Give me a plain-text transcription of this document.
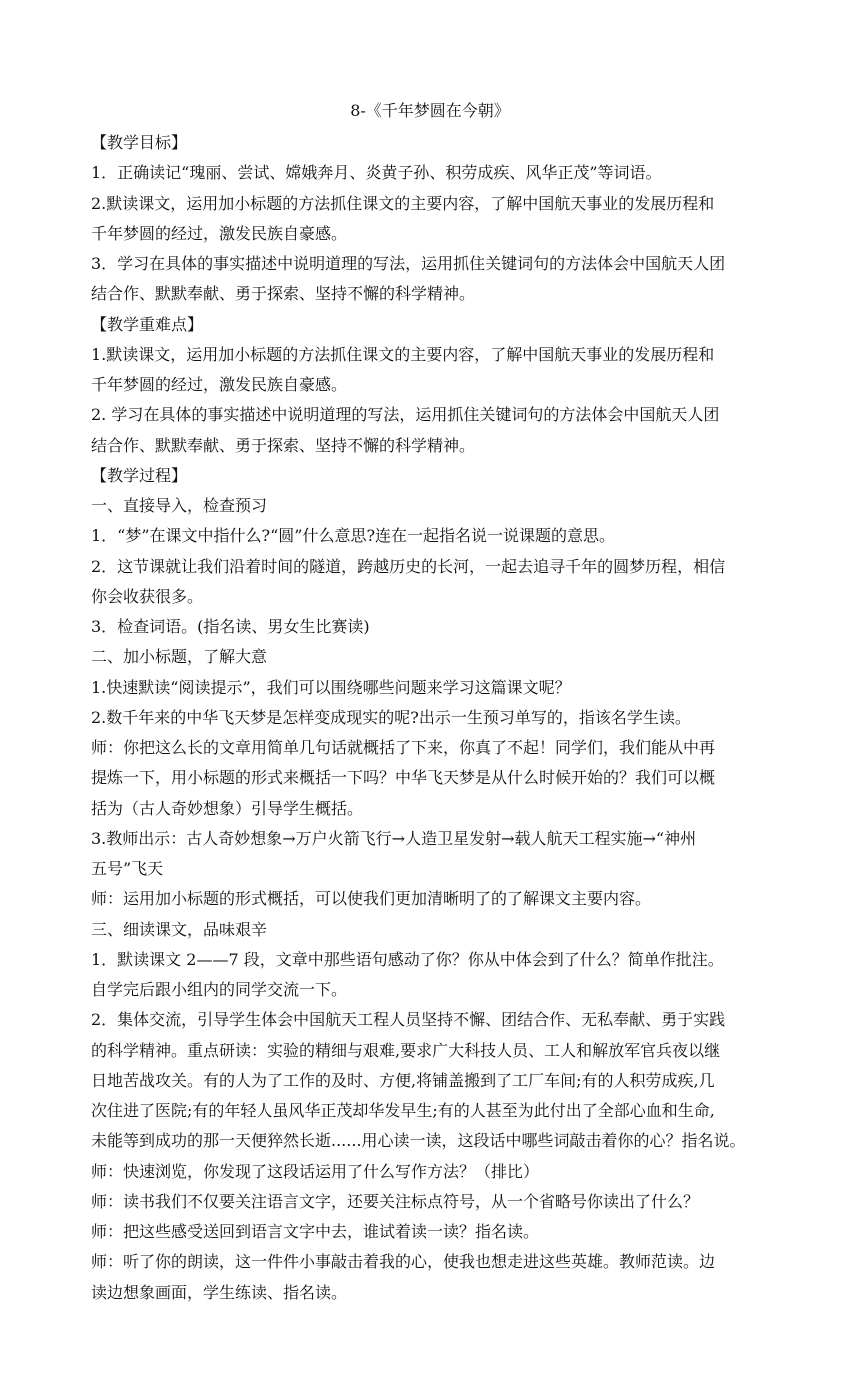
8-《千年梦圆在今朝》
【教学目标】
1．正确读记“瑰丽、尝试、嫦娥奔月、炎黄子孙、积劳成疾、风华正茂”等词语。
2.默读课文，运用加小标题的方法抓住课文的主要内容，了解中国航天事业的发展历程和
千年梦圆的经过，激发民族自豪感。
3．学习在具体的事实描述中说明道理的写法，运用抓住关键词句的方法体会中国航天人团
结合作、默默奉献、勇于探索、坚持不懈的科学精神。
【教学重难点】
1.默读课文，运用加小标题的方法抓住课文的主要内容，了解中国航天事业的发展历程和
千年梦圆的经过，激发民族自豪感。
2. 学习在具体的事实描述中说明道理的写法，运用抓住关键词句的方法体会中国航天人团
结合作、默默奉献、勇于探索、坚持不懈的科学精神。
【教学过程】
一、直接导入，检查预习
1．“梦”在课文中指什么?“圆”什么意思?连在一起指名说一说课题的意思。
2．这节课就让我们沿着时间的隧道，跨越历史的长河，一起去追寻千年的圆梦历程，相信
你会收获很多。
3．检查词语。(指名读、男女生比赛读)
二、加小标题，了解大意
1.快速默读“阅读提示”，我们可以围绕哪些问题来学习这篇课文呢？
2.数千年来的中华飞天梦是怎样变成现实的呢?出示一生预习单写的，指该名学生读。
师：你把这么长的文章用简单几句话就概括了下来，你真了不起！同学们，我们能从中再
提炼一下，用小标题的形式来概括一下吗？中华飞天梦是从什么时候开始的？我们可以概
括为（古人奇妙想象）引导学生概括。
3.教师出示：古人奇妙想象→万户火箭飞行→人造卫星发射→载人航天工程实施→“神州
五号”飞天
师：运用加小标题的形式概括，可以使我们更加清晰明了的了解课文主要内容。
三、细读课文，品味艰辛
1．默读课文 2——7 段，文章中那些语句感动了你？你从中体会到了什么？简单作批注。
自学完后跟小组内的同学交流一下。
2．集体交流，引导学生体会中国航天工程人员坚持不懈、团结合作、无私奉献、勇于实践
的科学精神。重点研读：实验的精细与艰难,要求广大科技人员、工人和解放军官兵夜以继
日地苦战攻关。有的人为了工作的及时、方便,将铺盖搬到了工厂车间;有的人积劳成疾,几
次住进了医院;有的年轻人虽风华正茂却华发早生;有的人甚至为此付出了全部心血和生命,
未能等到成功的那一天便猝然长逝......用心读一读，这段话中哪些词敲击着你的心？指名说。
师：快速浏览，你发现了这段话运用了什么写作方法？（排比）
师：读书我们不仅要关注语言文字，还要关注标点符号，从一个省略号你读出了什么？
师：把这些感受送回到语言文字中去，谁试着读一读？指名读。
师：听了你的朗读，这一件件小事敲击着我的心，使我也想走进这些英雄。教师范读。边
读边想象画面，学生练读、指名读。
